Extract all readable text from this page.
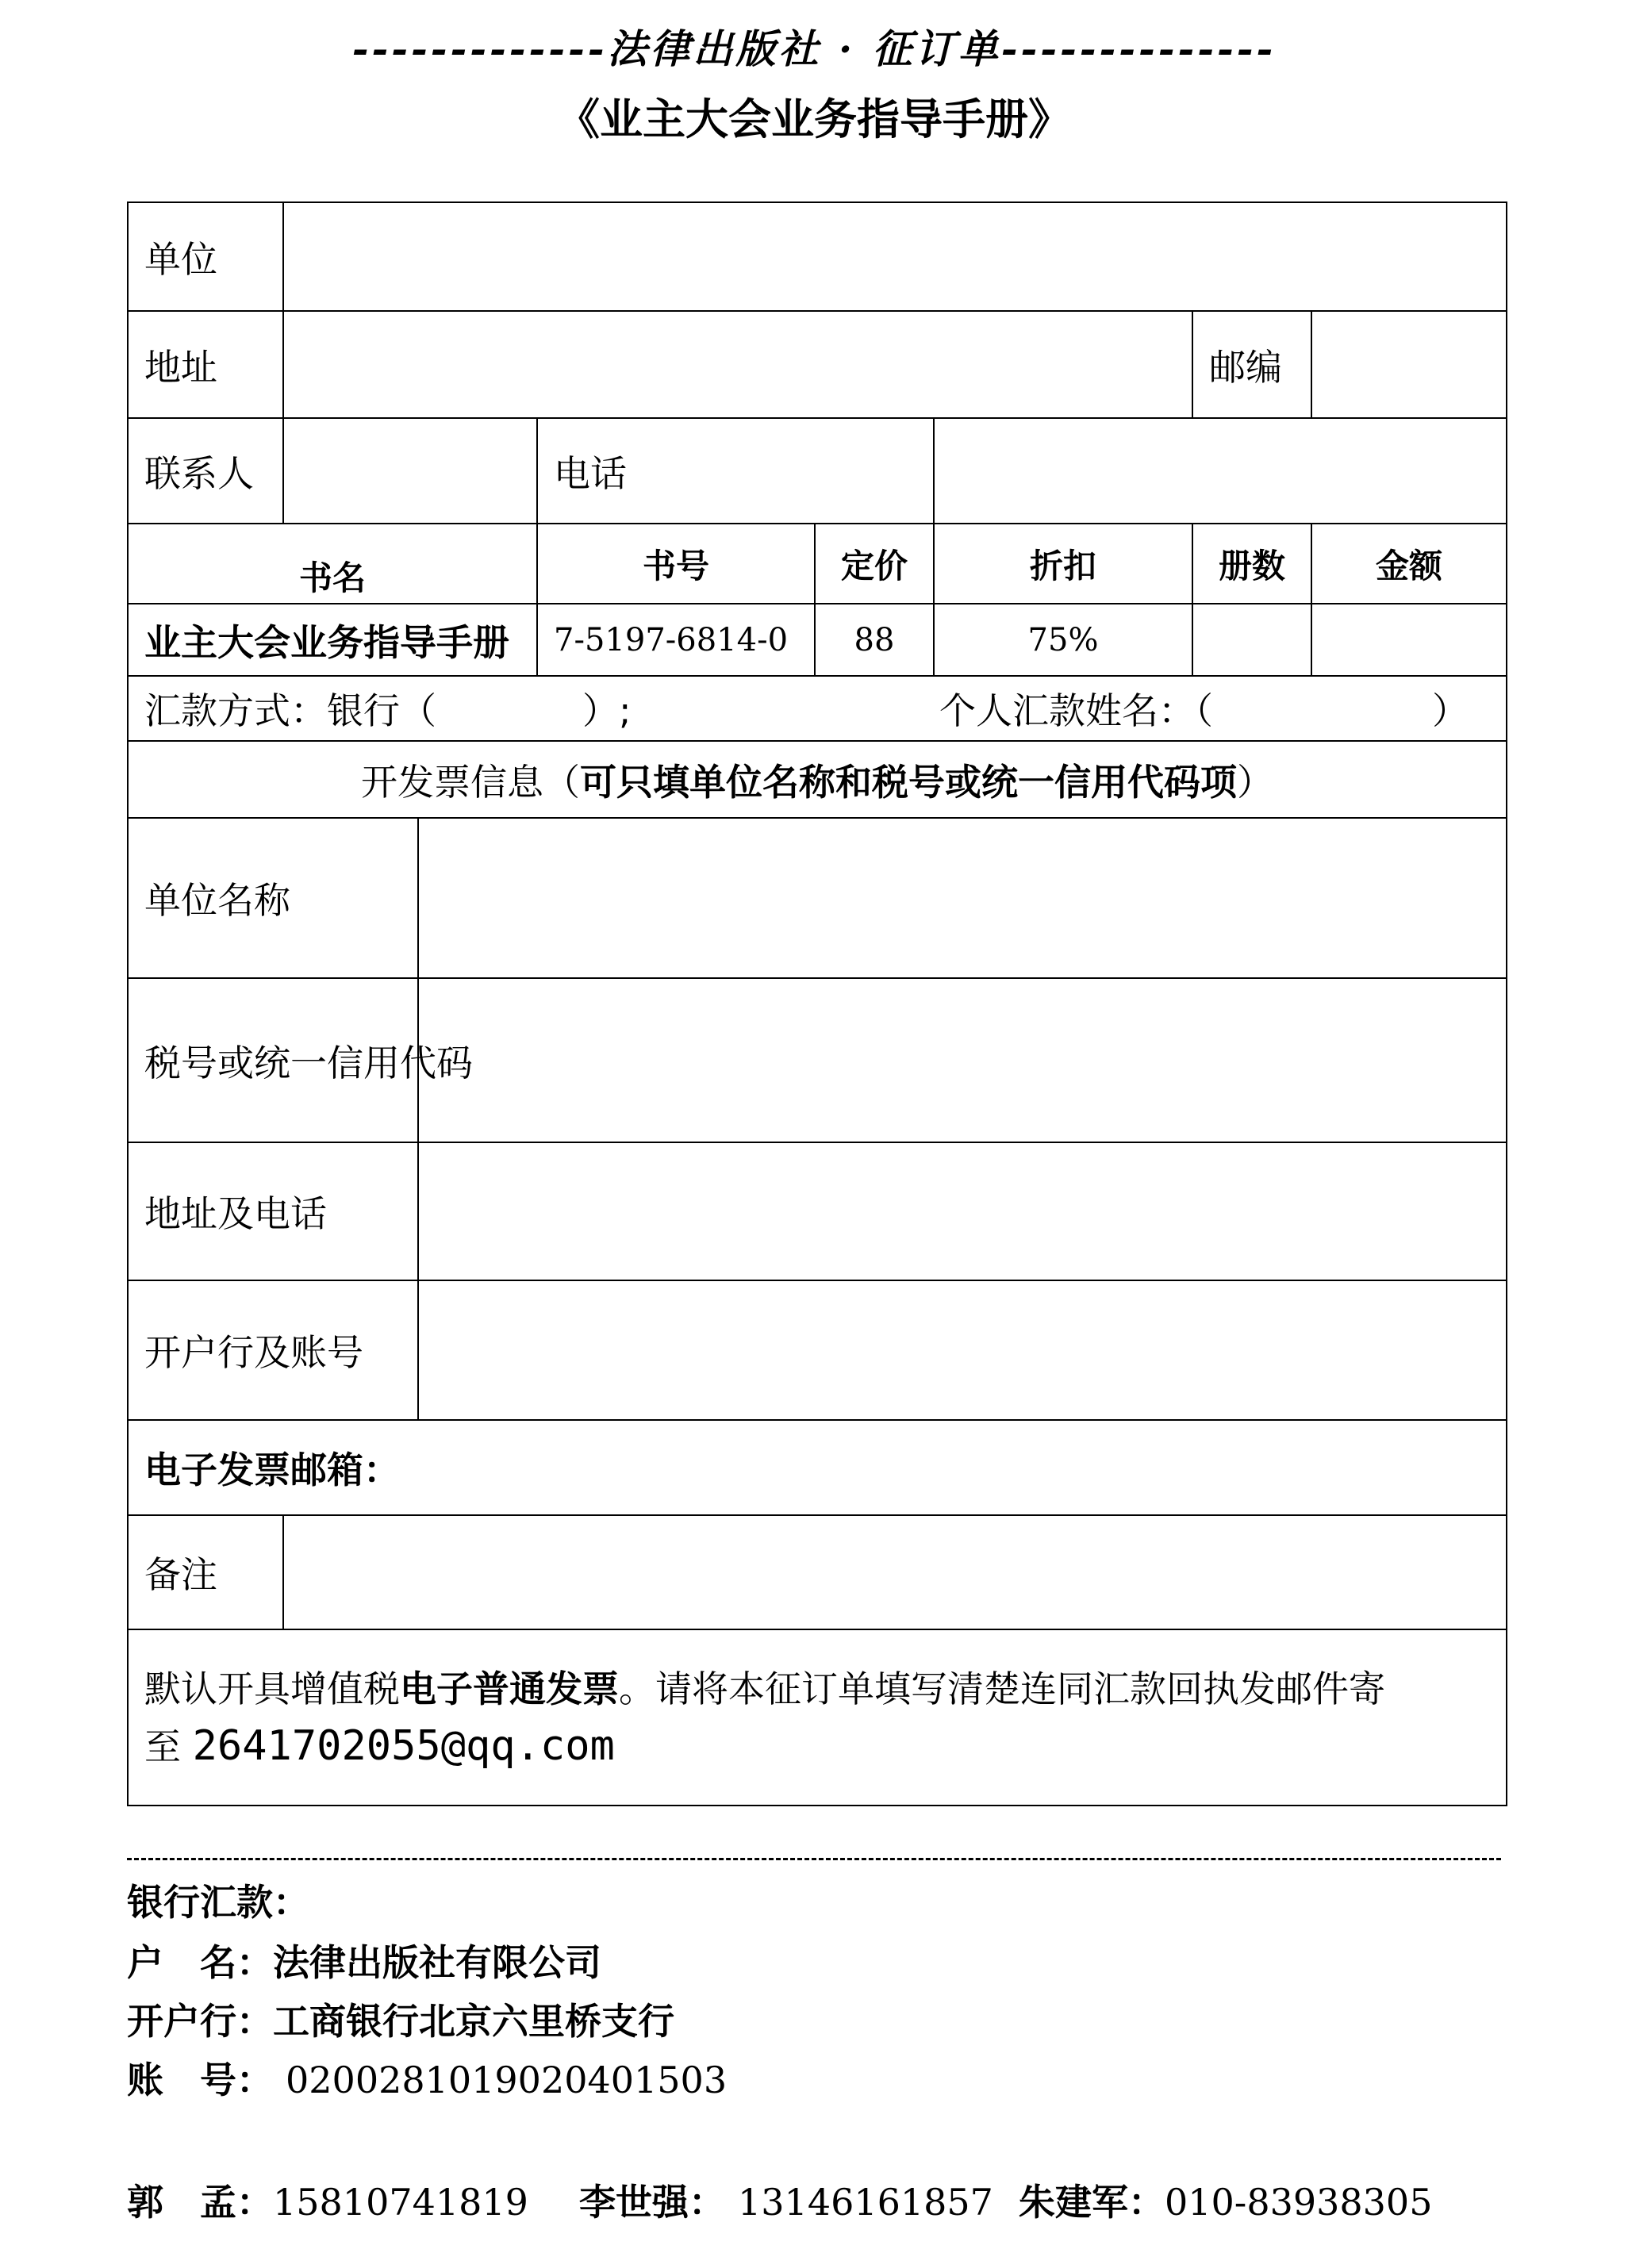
-------------法律出版社 · 征订单--------------
《业主大会业务指导手册》
单位							
地址						邮编	
联系人			电话				
书名			书号	定价	折扣	册数	金额
业主大会业务指导手册			7-5197-6814-0	88	75%		
汇款方式：银行（　　　　）; 个人汇款姓名：（　　　　　　）							
开发票信息（可只填单位名称和税号或统一信用代码项）							
单位名称							
税号或统一信用代码							
地址及电话							
开户行及账号							
电子发票邮箱：							
备注							

默认开具增值税电子普通发票。请将本征订单填写清楚连同汇款回执发邮件寄
至 2641702055@qq.com							
银行汇款：
户　名：法律出版社有限公司
开户行：工商银行北京六里桥支行
账　号： 0200281019020401503
郭　孟：15810741819 李世强： 13146161857 朱建军：010-83938305
